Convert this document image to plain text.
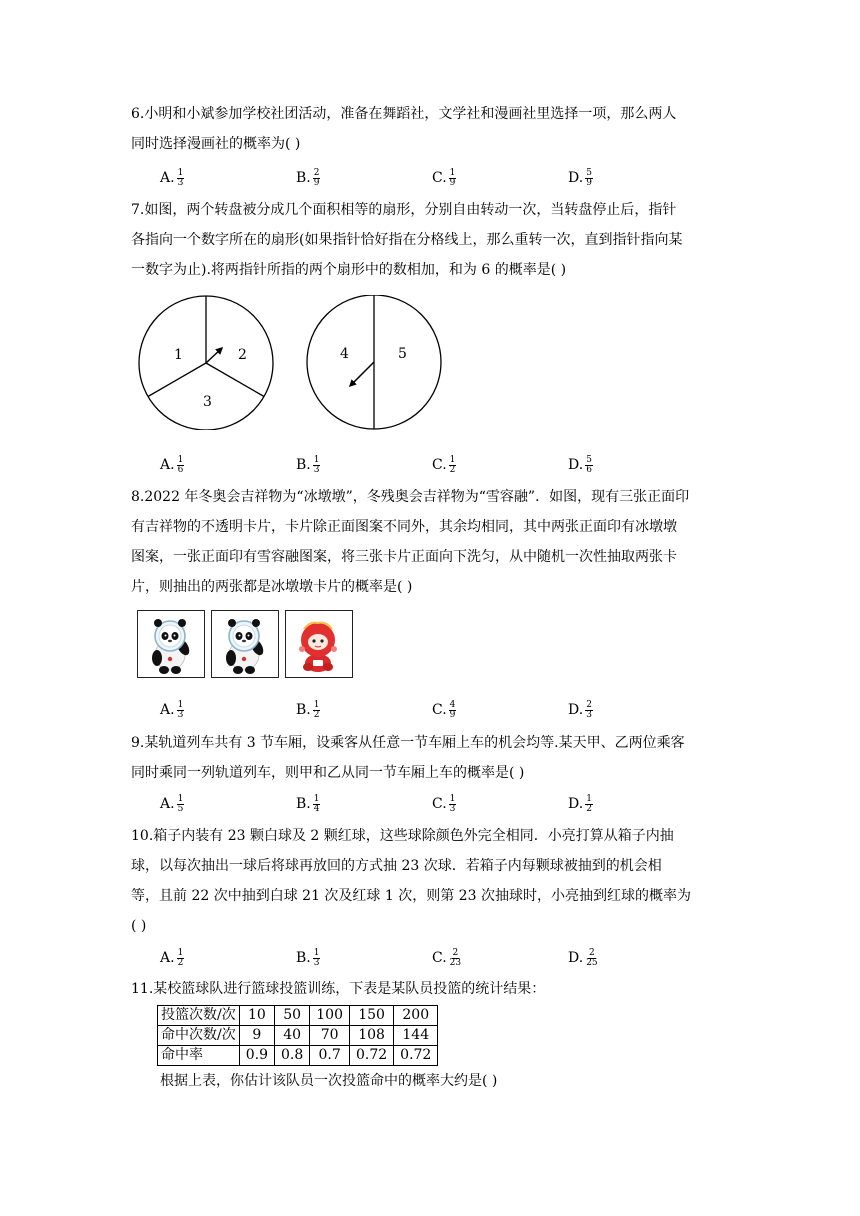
6.小明和小斌参加学校社团活动，准备在舞蹈社，文学社和漫画社里选择一项，那么两人
同时选择漫画社的概率为( )
A. $\frac{1}{3}$	B. $\frac{2}{9}$	C. $\frac{1}{9}$	D. $\frac{5}{9}$
7.如图，两个转盘被分成几个面积相等的扇形，分别自由转动一次，当转盘停止后，指针
各指向一个数字所在的扇形(如果指针恰好指在分格线上，那么重转一次，直到指针指向某
一数字为止).将两指针所指的两个扇形中的数相加，和为 6 的概率是( )
1	2
3
4	5
A. $\frac{1}{6}$	B. $\frac{1}{3}$	C. $\frac{1}{2}$	D. $\frac{5}{6}$
8.2022 年冬奥会吉祥物为“冰墩墩”，冬残奥会吉祥物为“雪容融”．如图，现有三张正面印
有吉祥物的不透明卡片，卡片除正面图案不同外，其余均相同，其中两张正面印有冰墩墩
图案，一张正面印有雪容融图案，将三张卡片正面向下洗匀，从中随机一次性抽取两张卡
片，则抽出的两张都是冰墩墩卡片的概率是( )
A. $\frac{1}{3}$	B. $\frac{1}{2}$	C. $\frac{4}{9}$	D. $\frac{2}{3}$
9.某轨道列车共有 3 节车厢，设乘客从任意一节车厢上车的机会均等.某天甲、乙两位乘客
同时乘同一列轨道列车，则甲和乙从同一节车厢上车的概率是( )
A. $\frac{1}{5}$	B. $\frac{1}{4}$	C. $\frac{1}{3}$	D. $\frac{1}{2}$
10.箱子内装有 23 颗白球及 2 颗红球，这些球除颜色外完全相同．小亮打算从箱子内抽
球，以每次抽出一球后将球再放回的方式抽 23 次球．若箱子内每颗球被抽到的机会相
等，且前 22 次中抽到白球 21 次及红球 1 次，则第 23 次抽球时，小亮抽到红球的概率为
( )
A. $\frac{1}{2}$	B. $\frac{1}{3}$	C. $\frac{2}{23}$	D. $\frac{2}{25}$
11.某校篮球队进行篮球投篮训练，下表是某队员投篮的统计结果：
投篮次数/次	10	50	100	150	200
命中次数/次	9	40	70	108	144
命中率	0.9	0.8	0.7	0.72	0.72
根据上表，你估计该队员一次投篮命中的概率大约是( )
